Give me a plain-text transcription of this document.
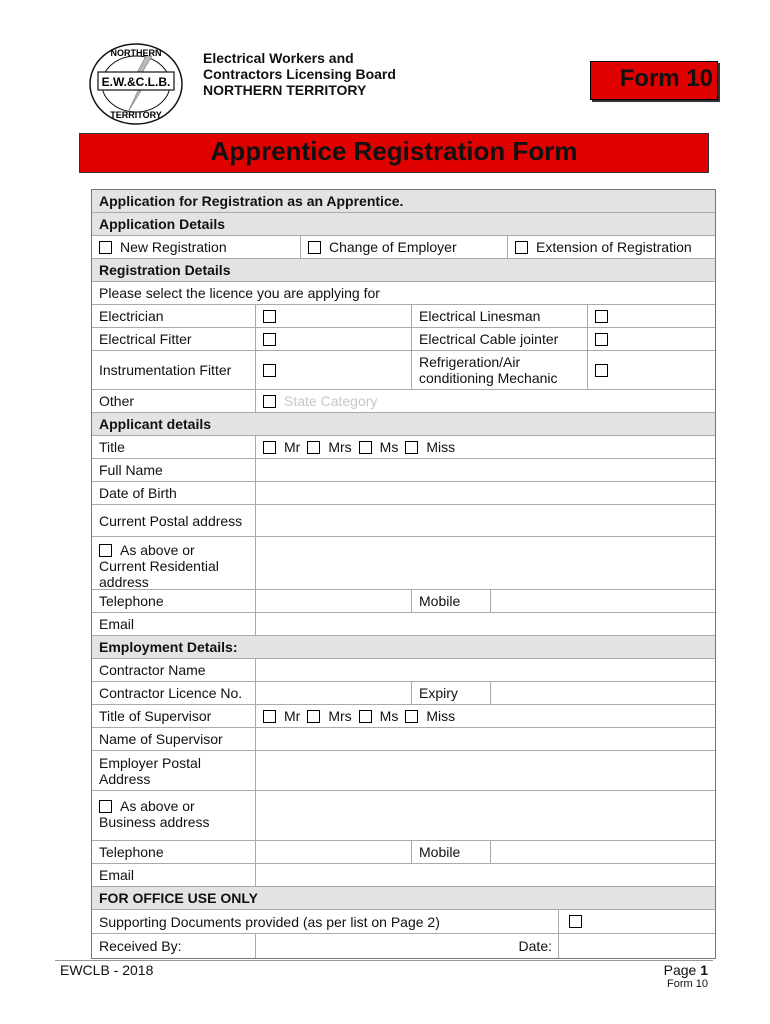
E.W.&C.L.B.
NORTHERN
TERRITORY
Electrical Workers and
Contractors Licensing Board
NORTHERN TERRITORY	Form 10
Apprentice Registration Form
Application for Registration as an Apprentice.
Application Details
New Registration	Change of Employer	Extension of Registration
Registration Details
Please select the licence you are applying for
Electrician	Electrical Linesman
Electrical Fitter	Electrical Cable jointer
Instrumentation Fitter	Refrigeration/Air conditioning Mechanic
Other	State Category
Applicant details
Title	Mr Mrs Ms Miss
Full Name
Date of Birth
Current Postal address
As above or
Current Residential address
Telephone	Mobile
Email
Employment Details:
Contractor Name
Contractor Licence No.	Expiry
Title of Supervisor	Mr Mrs Ms Miss
Name of Supervisor
Employer Postal Address
As above or
Business address
Telephone	Mobile
Email
FOR OFFICE USE ONLY
Supporting Documents provided (as per list on Page 2)
Received By:	Date:
EWCLB - 2018	Page 1
Form 10
